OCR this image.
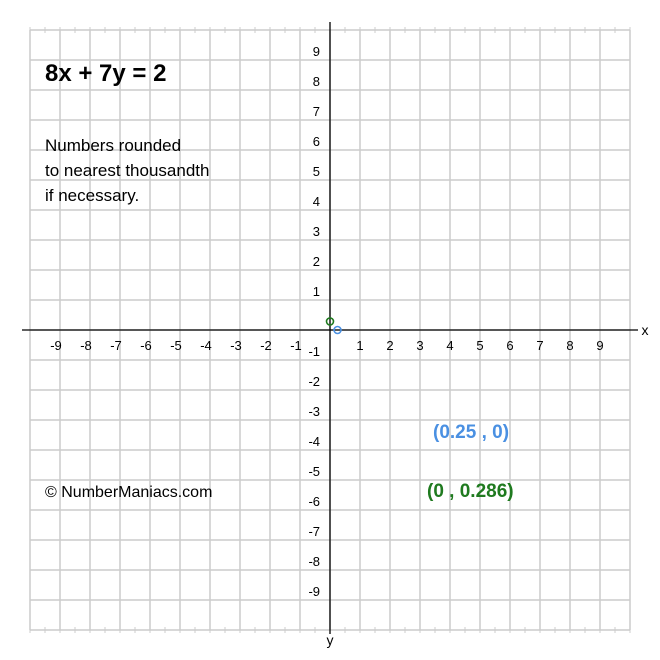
x
y
-9 -8 -7 -6 -5 -4 -3 -2 -1	1 2 3 4 5 6 7 8 9
9
8
7
6
5
4
3
2
1
-1
-2
-3
-4
-5
-6
-7
-8
-9
8x + 7y = 2
Numbers rounded
to nearest thousandth
if necessary.
© NumberManiacs.com
(0.25 , 0)
(0 , 0.286)
